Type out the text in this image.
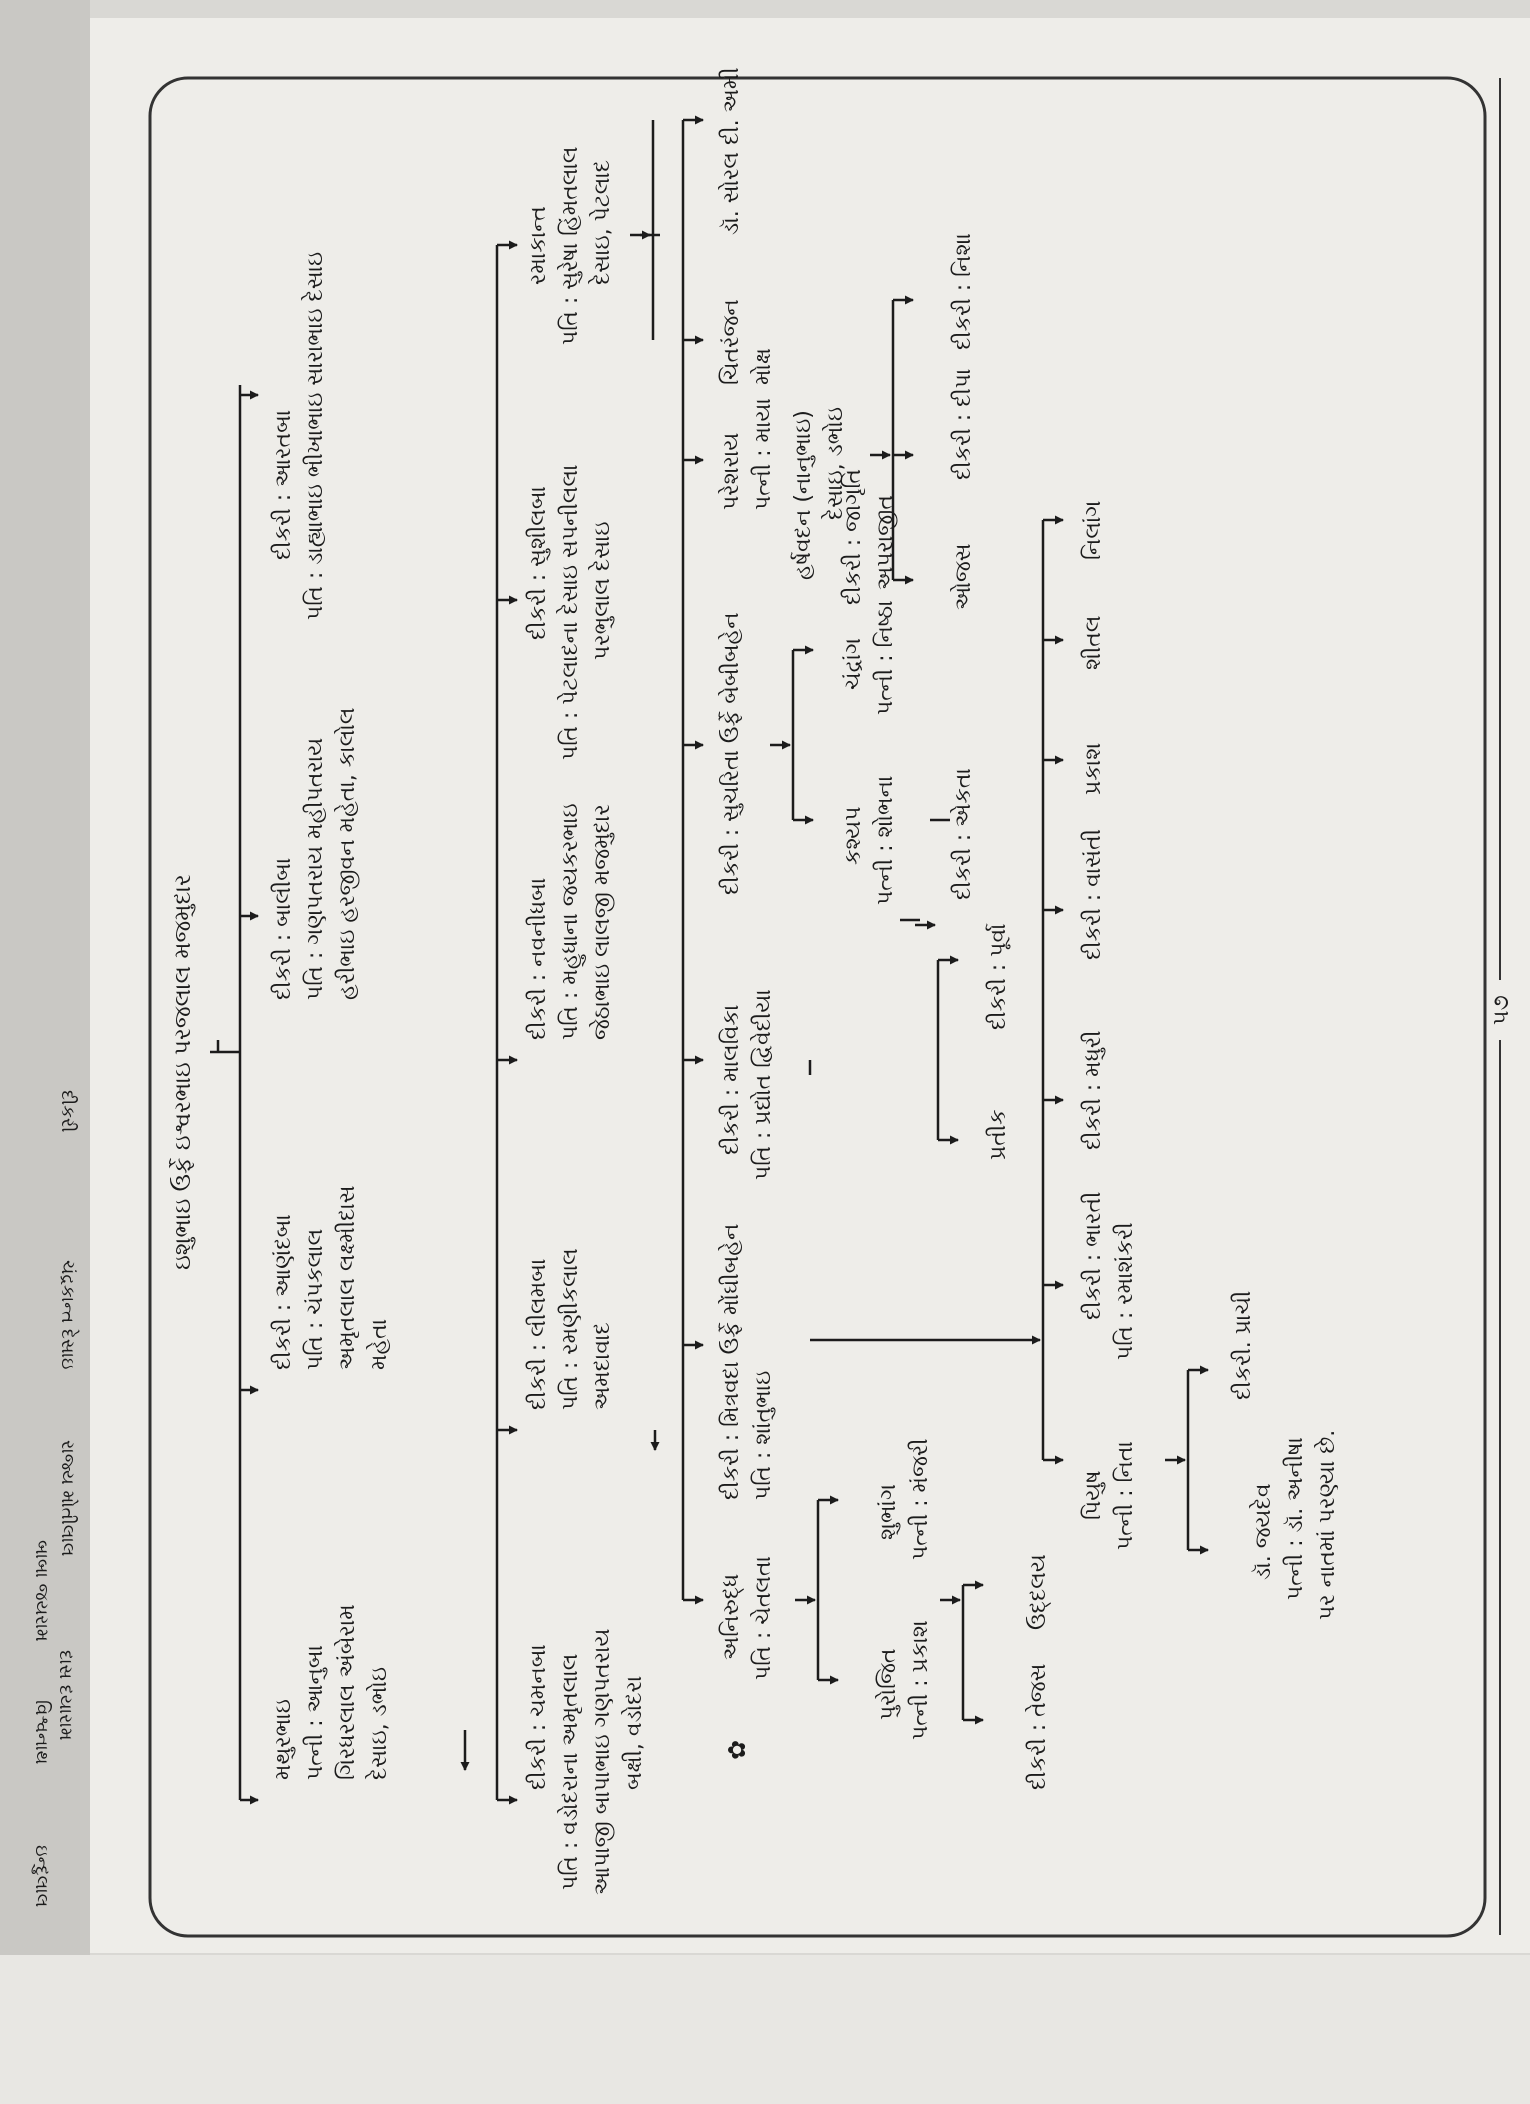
વિશ્વનાથ
ઇન્દુલાલ
દાસ દયારામ
બાબા જયરામ
રાજ્ય મોતીલાલ
ચંદ્રકાન્ત દેસાઇ
દીકરી	ઇશુભાઇ ઉર્ફે ઇશ્વરભાઇ પરજલાલ મજમુદાર
મથુરભાઇ પત્ની : આનુબા ગિરધરલાલ અંબેરામ દેસાઇ, ડભોઇ
દીકરી : આણંદબા પતિ : ચંપકલાલ અમૃતલાલ લક્ષ્મીદાસ મહેતા
દીકરી : બાલીબા પતિ : ગણપતરાય મહીપતરાય હરીભાઇ હરજીવન મહેતા, કાલોલ
દીકરી : આરતબા પતિ : ડાહ્યાભાઇ ભીખાભાઇ સારાભાઇ દેસાઇ
દીકરી : ચમનબા પતિ : વડોદરાના અમૃતલાલ આપાજી બાપાભાઇ ગણપતરાય બક્ષી, વડોદરા
દીકરી : લીલમબા પતિ : રમણીકલાલ અમદાવાદ
દીકરી : નવનીધબા પતિ : મહુધાના જયકરભાઇ જેઠાભાઇ લાલજી મજમુદાર
દીકરી : સુશીલબા પતિ : પેટલાદના દેસાઇ સપનીલલા પરભુલાલ દેસાઇ
રમાકાન્ત પતિ : સુરેષા હિંમતલાલ દેસાઇ, પેટલાદ
✿
અનિરુદ્ધ પતિ : ચેતલતા
દીકરી : મિત્રવદા ઉર્ફે મોંઘીબહેન પતિ : શાંતુભાઇ
દીકરી : માલવિકા પતિ : પ્રદ્યોત દ્વિવેદીયા
દીકરી : સુચરિતા ઉર્ફે બેબીબહેન
પરેશરાય પત્ની : માયા હર્ષવદન (નાનુભાઇ) દેસાઇ, ડભોઇ
ચિતરંજન મોક્ષ
ડૉ. સોરલ દી. અમી
પુરોજિત પત્ની : પ્રકાશ
શુભાંગ પત્ની : મંજરી
કશ્યપ પત્ની : શોભના
ચંદ્રાંગ પત્ની : નિષ્ઠા
દીકરી : જાગૃતિ અપરાજીત
પિયુષ પત્ની : નિતા
દીકરી : ભારતી પતિ : રમાશંકરી
દીકરી : મધુરી
દીકરી : વાસંતી
પ્રકાશ
શીતલ
નિલાંગ
ઓજસ
દીકરી : દીપા
દીકરી : નિશા
દીકરી : તેજસ
ઉદ્દલય
પ્રતીક
દીકરી : પૂર્વા
દીકરી : એકતા
ડૉ. જયદેવ પત્ની : ડૉ. અનીષા પર નાતમાં પરણ્યા છે.
દીકરી. પ્રાચી
૫૭
